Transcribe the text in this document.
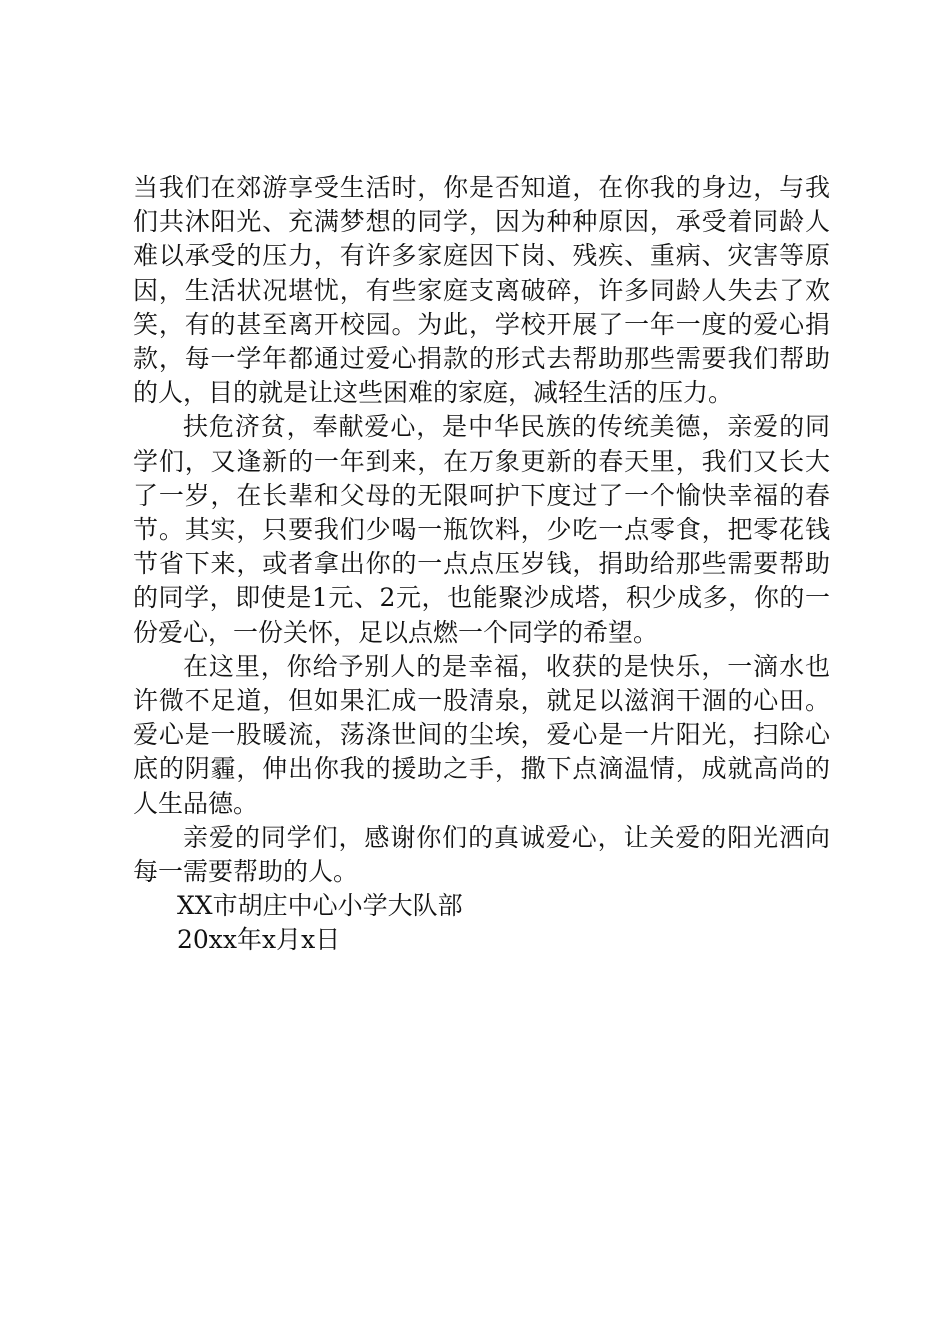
当我们在郊游享受生活时，你是否知道，在你我的身边，与我们共沐阳光、充满梦想的同学，因为种种原因，承受着同龄人难以承受的压力，有许多家庭因下岗、残疾、重病、灾害等原因，生活状况堪忧，有些家庭支离破碎，许多同龄人失去了欢笑，有的甚至离开校园。为此，学校开展了一年一度的爱心捐款，每一学年都通过爱心捐款的形式去帮助那些需要我们帮助的人，目的就是让这些困难的家庭，减轻生活的压力。

扶危济贫，奉献爱心，是中华民族的传统美德，亲爱的同学们，又逢新的一年到来，在万象更新的春天里，我们又长大了一岁，在长辈和父母的无限呵护下度过了一个愉快幸福的春节。其实，只要我们少喝一瓶饮料，少吃一点零食，把零花钱节省下来，或者拿出你的一点点压岁钱，捐助给那些需要帮助的同学，即使是1元、2元，也能聚沙成塔，积少成多，你的一份爱心，一份关怀，足以点燃一个同学的希望。

在这里，你给予别人的是幸福，收获的是快乐，一滴水也许微不足道，但如果汇成一股清泉，就足以滋润干涸的心田。爱心是一股暖流，荡涤世间的尘埃，爱心是一片阳光，扫除心底的阴霾，伸出你我的援助之手，撒下点滴温情，成就高尚的人生品德。

亲爱的同学们，感谢你们的真诚爱心，让关爱的阳光洒向每一需要帮助的人。

XX市胡庄中心小学大队部

20xx年x月x日
